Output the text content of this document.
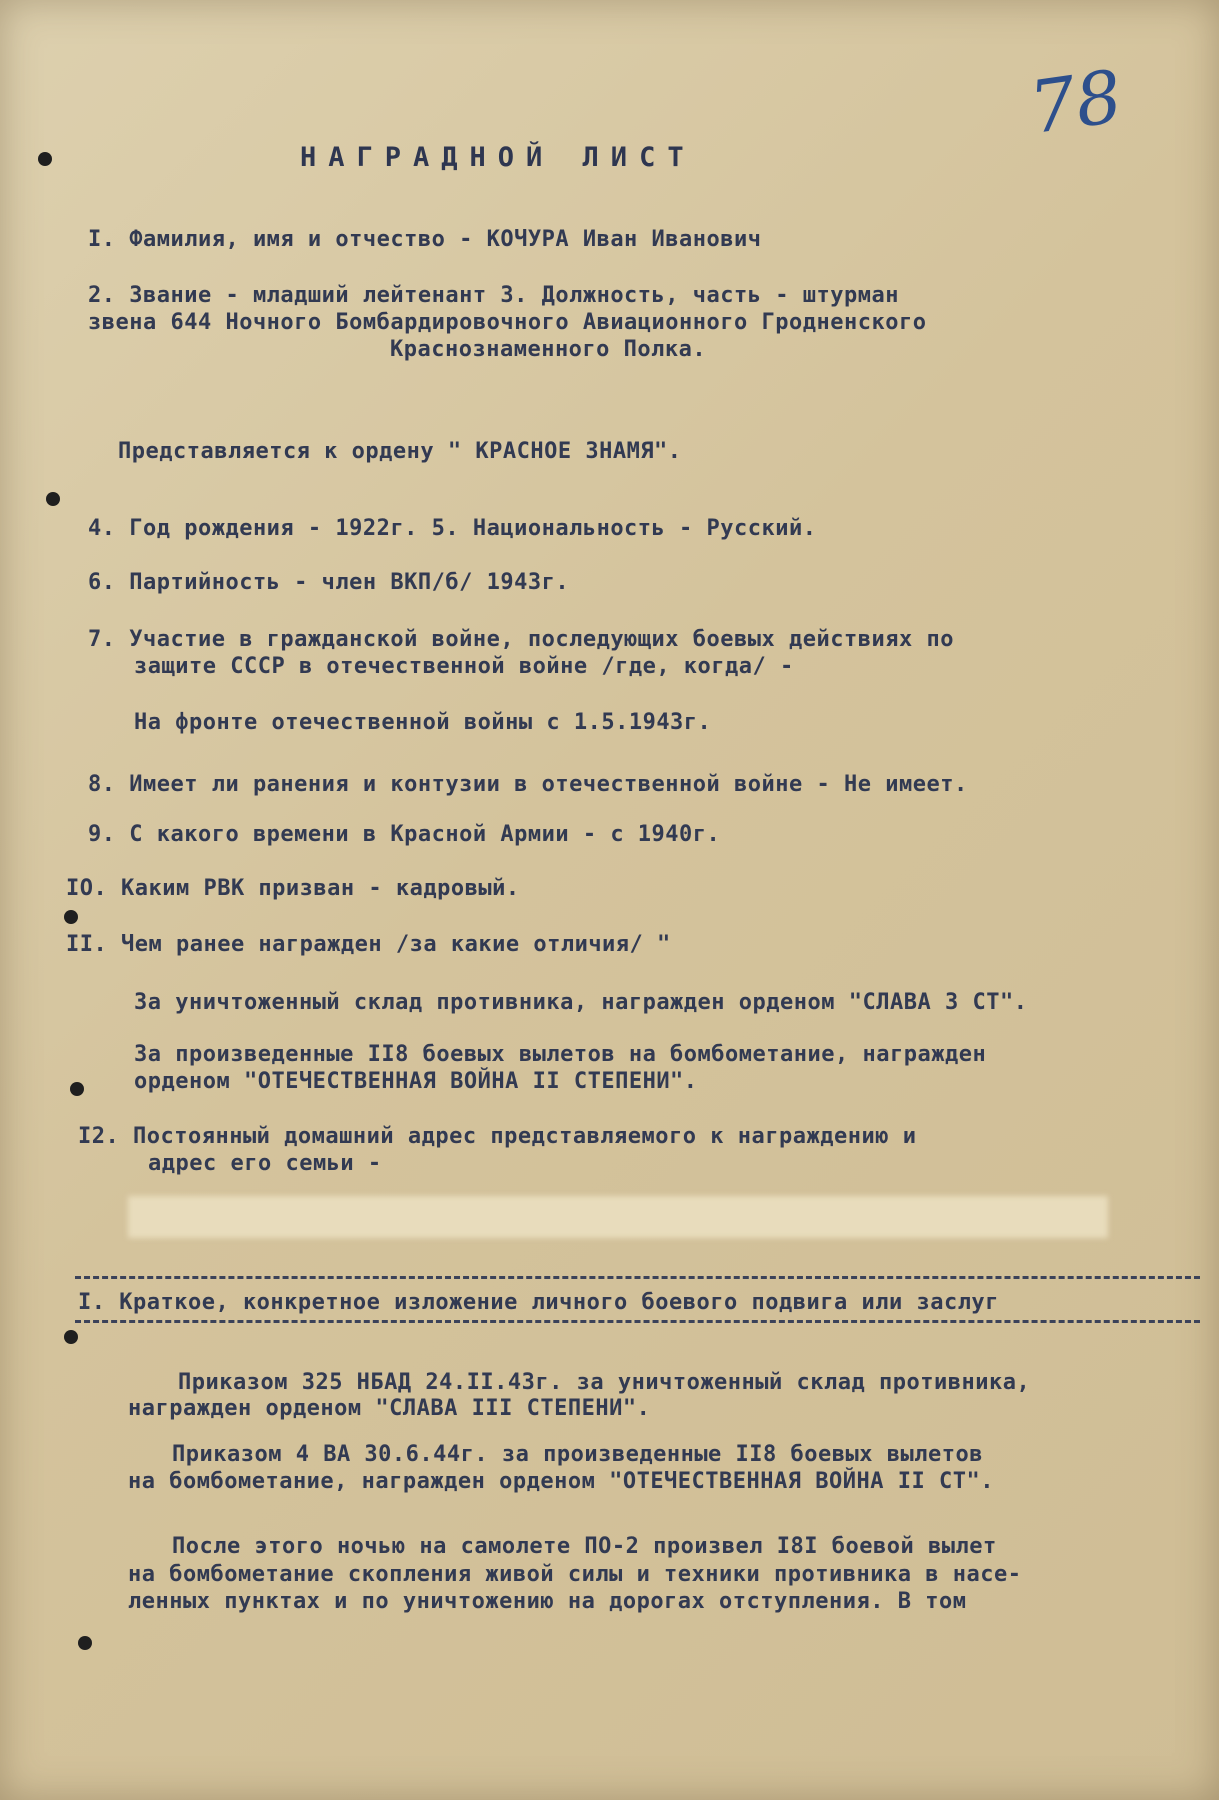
78
НАГРАДНОЙ ЛИСТ
I. Фамилия, имя и отчество - КОЧУРА Иван Иванович
2. Звание - младший лейтенант 3. Должность, часть - штурман
звена 644 Ночного Бомбардировочного Авиационного Гродненского
Краснознаменного Полка.
Представляется к ордену " КРАСНОЕ ЗНАМЯ".
4. Год рождения - 1922г. 5. Национальность - Русский.
6. Партийность - член ВКП/б/ 1943г.
7. Участие в гражданской войне, последующих боевых действиях по
защите СССР в отечественной войне /где, когда/ -
На фронте отечественной войны с 1.5.1943г.
8. Имеет ли ранения и контузии в отечественной войне - Не имеет.
9. С какого времени в Красной Армии - с 1940г.
IO. Каким РВК призван - кадровый.
II. Чем ранее награжден /за какие отличия/ "
За уничтоженный склад противника, награжден орденом "СЛАВА 3 СТ".
За произведенные II8 боевых вылетов на бомбометание, награжден
орденом "ОТЕЧЕСТВЕННАЯ ВОЙНА II СТЕПЕНИ".
I2. Постоянный домашний адрес представляемого к награждению и
адрес его семьи -
I. Краткое, конкретное изложение личного боевого подвига или заслуг
Приказом 325 НБАД 24.II.43г. за уничтоженный склад противника,
награжден орденом "СЛАВА III СТЕПЕНИ".
Приказом 4 ВА 30.6.44г. за произведенные II8 боевых вылетов
на бомбометание, награжден орденом "ОТЕЧЕСТВЕННАЯ ВОЙНА II СТ".
После этого ночью на самолете ПО-2 произвел I8I боевой вылет
на бомбометание скопления живой силы и техники противника в насе-
ленных пунктах и по уничтожению на дорогах отступления. В том
